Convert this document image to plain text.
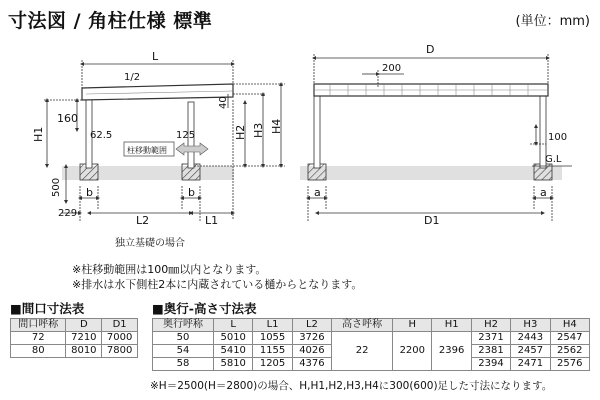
寸法図 / 角柱仕様 標準	(単位：mm)
L
1/2
H1
160
62.5	125
40
H2 H3 H4
500
229
b	b
L2	L1
柱移動範囲
独立基礎の場合
D
200
100
G.L
a	a
D1
※柱移動範囲は100㎜以内となります。
※排水は水下側柱2本に内蔵されている樋からとなります。
■間口寸法表
間口呼称	D	D1
72	7210	7000
80	8010	7800
■奥行-高さ寸法表
奥行呼称	L	L1	L2	高さ呼称	H	H1	H2	H3	H4
50	5010	1055	3726	22	2200	2396	2371	2443	2547
54	5410	1155	4026				2381	2457	2562
58	5810	1205	4376				2394	2471	2576
※H＝2500(H＝2800)の場合、H,H1,H2,H3,H4に300(600)足した寸法になります。
